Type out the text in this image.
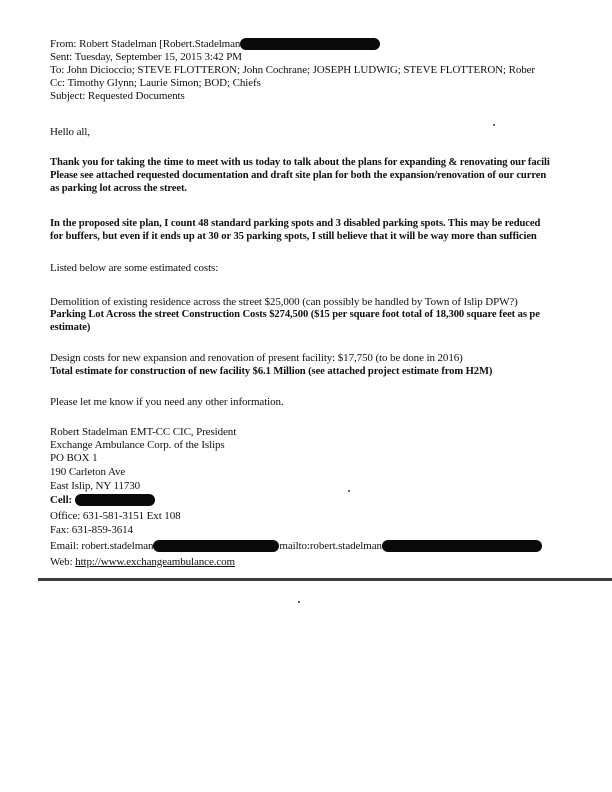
From: Robert Stadelman [Robert.Stadelman
Sent: Tuesday, September 15, 2015 3:42 PM
To: John Dicioccio; STEVE FLOTTERON; John Cochrane; JOSEPH LUDWIG; STEVE FLOTTERON; Rober
Cc: Timothy Glynn; Laurie Simon; BOD; Chiefs
Subject: Requested Documents
Hello all,
Thank you for taking the time to meet with us today to talk about the plans for expanding & renovating our facili
Please see attached requested documentation and draft site plan for both the expansion/renovation of our curren
as parking lot across the street.
In the proposed site plan, I count 48 standard parking spots and 3 disabled parking spots. This may be reduced
for buffers, but even if it ends up at 30 or 35 parking spots, I still believe that it will be way more than sufficien
Listed below are some estimated costs:
Demolition of existing residence across the street $25,000 (can possibly be handled by Town of Islip DPW?)
Parking Lot Across the street Construction Costs $274,500 ($15 per square foot total of 18,300 square feet as pe
estimate)
Design costs for new expansion and renovation of present facility: $17,750 (to be done in 2016)
Total estimate for construction of new facility $6.1 Million (see attached project estimate from H2M)
Please let me know if you need any other information.
Robert Stadelman EMT-CC CIC, President
Exchange Ambulance Corp. of the Islips
PO BOX 1
190 Carleton Ave
East Islip, NY 11730
Cell:
Office: 631-581-3151 Ext 108
Fax: 631-859-3614
Email: robert.stadelman	mailto:robert.stadelman
Web: http://www.exchangeambulance.com
